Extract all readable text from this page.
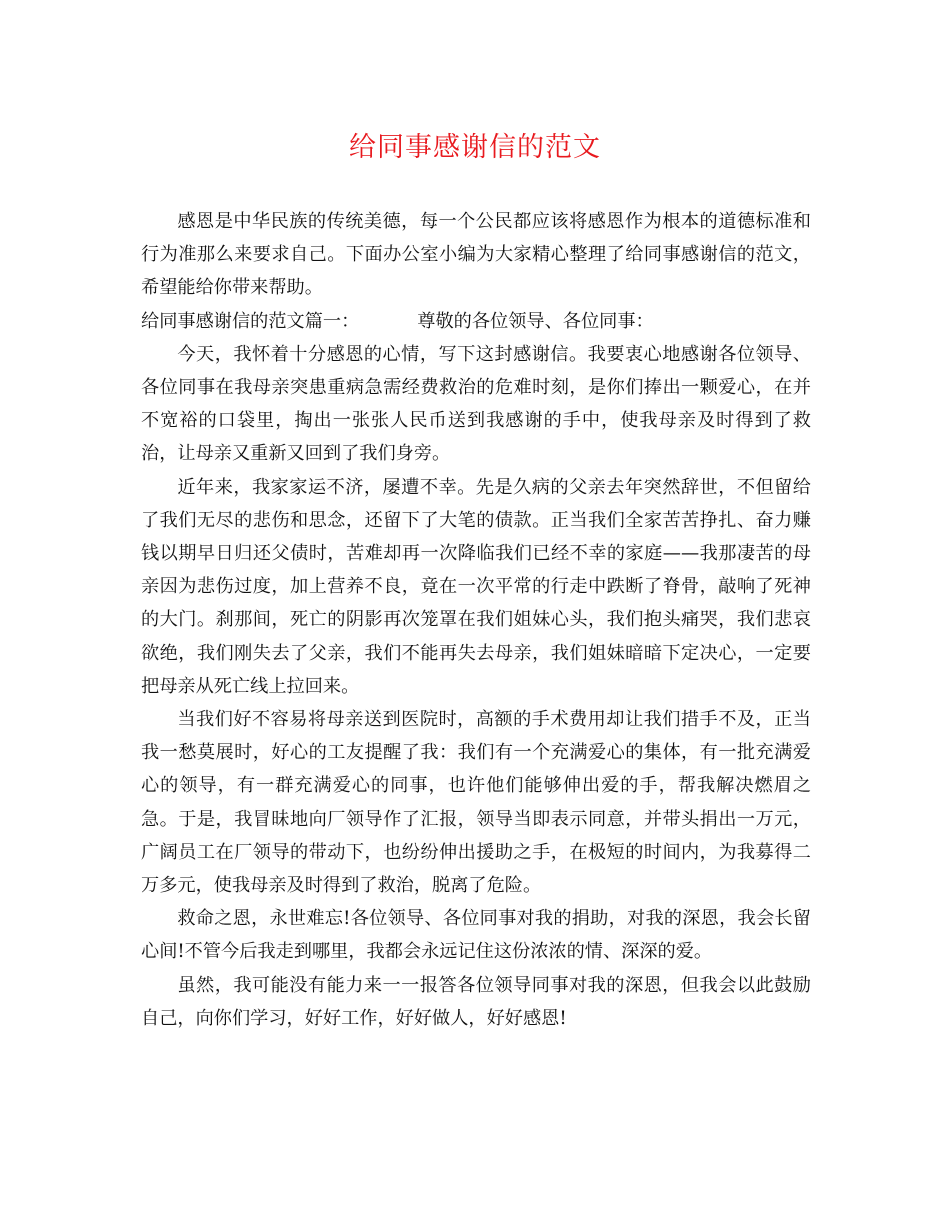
给同事感谢信的范文

感恩是中华民族的传统美德，每一个公民都应该将感恩作为根本的道德标准和行为准那么来要求自己。下面办公室小编为大家精心整理了给同事感谢信的范文，希望能给你带来帮助。

给同事感谢信的范文篇一：	尊敬的各位领导、各位同事：

今天，我怀着十分感恩的心情，写下这封感谢信。我要衷心地感谢各位领导、各位同事在我母亲突患重病急需经费救治的危难时刻，是你们捧出一颗爱心，在并不宽裕的口袋里，掏出一张张人民币送到我感谢的手中，使我母亲及时得到了救治，让母亲又重新又回到了我们身旁。

近年来，我家家运不济，屡遭不幸。先是久病的父亲去年突然辞世，不但留给了我们无尽的悲伤和思念，还留下了大笔的债款。正当我们全家苦苦挣扎、奋力赚钱以期早日归还父债时，苦难却再一次降临我们已经不幸的家庭——我那凄苦的母亲因为悲伤过度，加上营养不良，竟在一次平常的行走中跌断了脊骨，敲响了死神的大门。刹那间，死亡的阴影再次笼罩在我们姐妹心头，我们抱头痛哭，我们悲哀欲绝，我们刚失去了父亲，我们不能再失去母亲，我们姐妹暗暗下定决心，一定要把母亲从死亡线上拉回来。

当我们好不容易将母亲送到医院时，高额的手术费用却让我们措手不及，正当我一愁莫展时，好心的工友提醒了我：我们有一个充满爱心的集体，有一批充满爱心的领导，有一群充满爱心的同事，也许他们能够伸出爱的手，帮我解决燃眉之急。于是，我冒昧地向厂领导作了汇报，领导当即表示同意，并带头捐出一万元，广阔员工在厂领导的带动下，也纷纷伸出援助之手，在极短的时间内，为我募得二万多元，使我母亲及时得到了救治，脱离了危险。

救命之恩，永世难忘!各位领导、各位同事对我的捐助，对我的深恩，我会长留心间!不管今后我走到哪里，我都会永远记住这份浓浓的情、深深的爱。

虽然，我可能没有能力来一一报答各位领导同事对我的深恩，但我会以此鼓励自己，向你们学习，好好工作，好好做人，好好感恩!
